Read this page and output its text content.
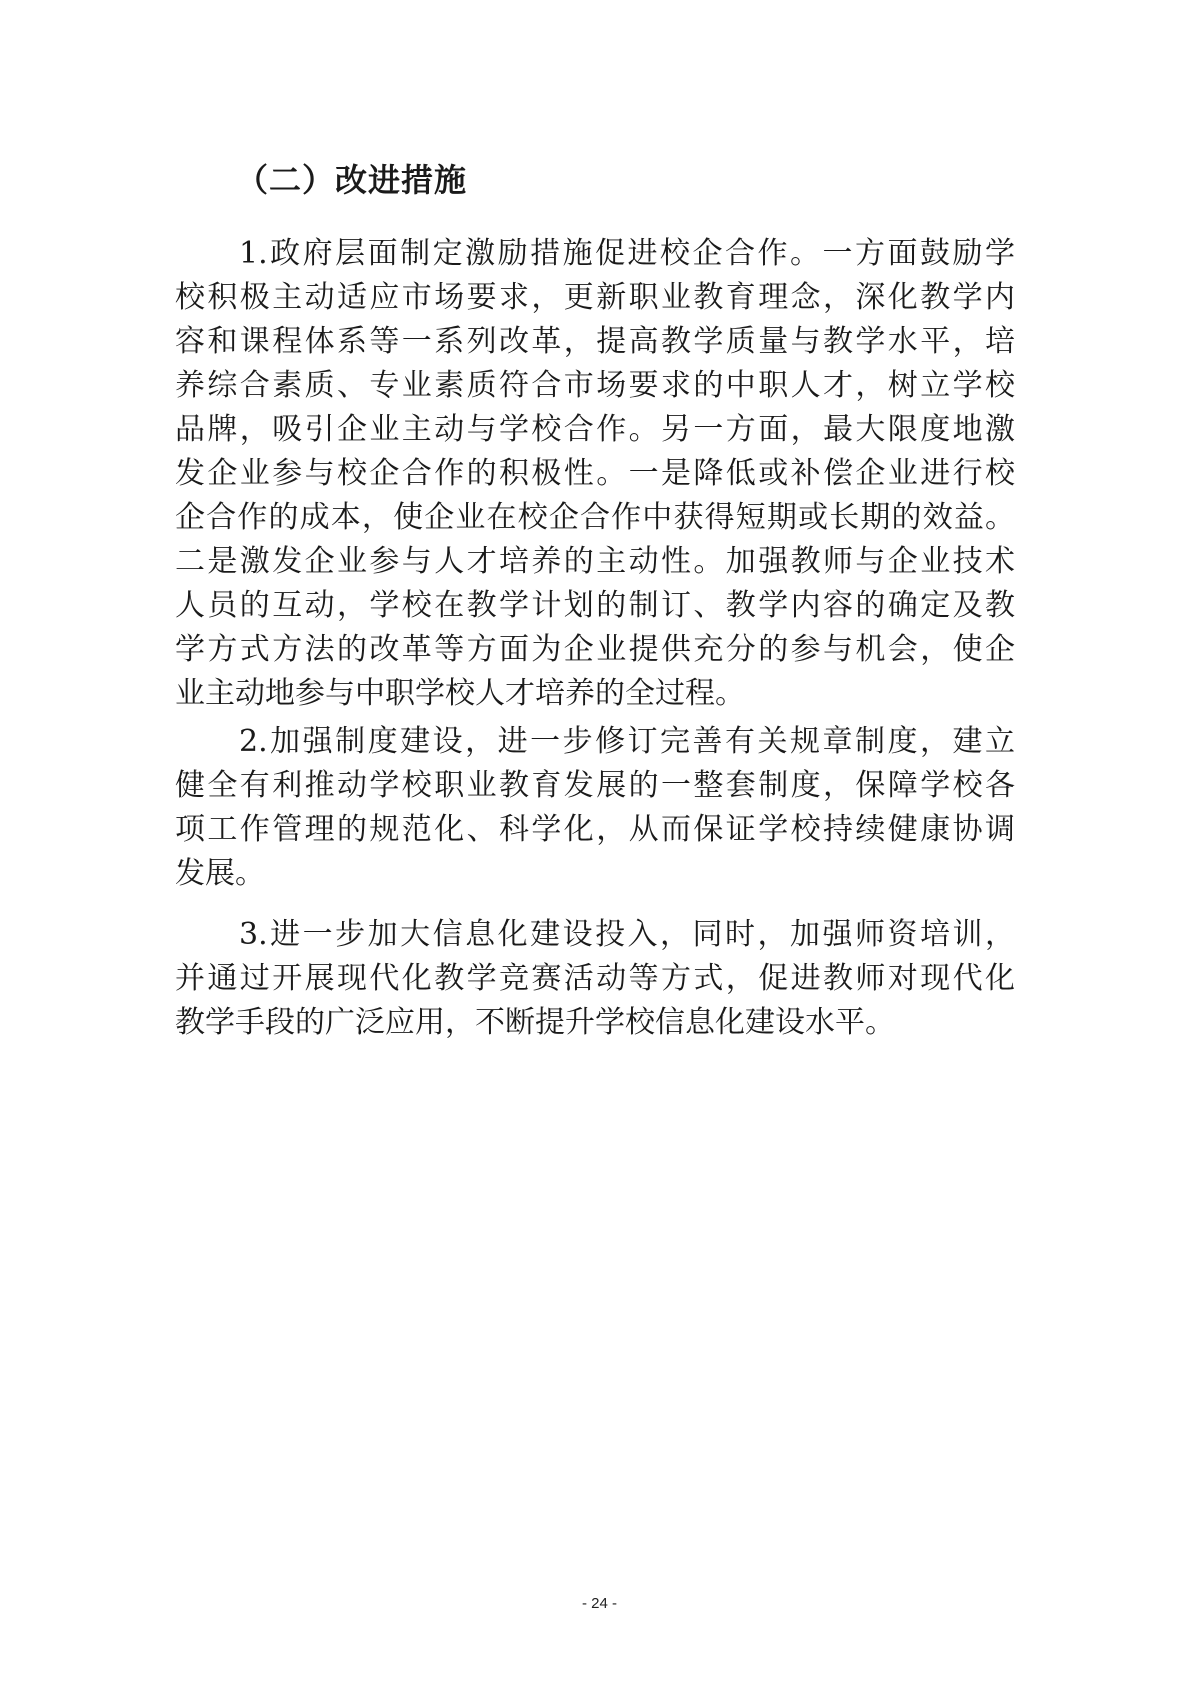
（二）改进措施
1.政府层面制定激励措施促进校企合作。一方面鼓励学
校积极主动适应市场要求，更新职业教育理念，深化教学内
容和课程体系等一系列改革，提高教学质量与教学水平，培
养综合素质、专业素质符合市场要求的中职人才，树立学校
品牌，吸引企业主动与学校合作。另一方面，最大限度地激
发企业参与校企合作的积极性。一是降低或补偿企业进行校
企合作的成本，使企业在校企合作中获得短期或长期的效益。
二是激发企业参与人才培养的主动性。加强教师与企业技术
人员的互动，学校在教学计划的制订、教学内容的确定及教
学方式方法的改革等方面为企业提供充分的参与机会，使企
业主动地参与中职学校人才培养的全过程。
2.加强制度建设，进一步修订完善有关规章制度，建立
健全有利推动学校职业教育发展的一整套制度，保障学校各
项工作管理的规范化、科学化，从而保证学校持续健康协调
发展。
3.进一步加大信息化建设投入，同时，加强师资培训，
并通过开展现代化教学竞赛活动等方式，促进教师对现代化
教学手段的广泛应用，不断提升学校信息化建设水平。
- 24 -
